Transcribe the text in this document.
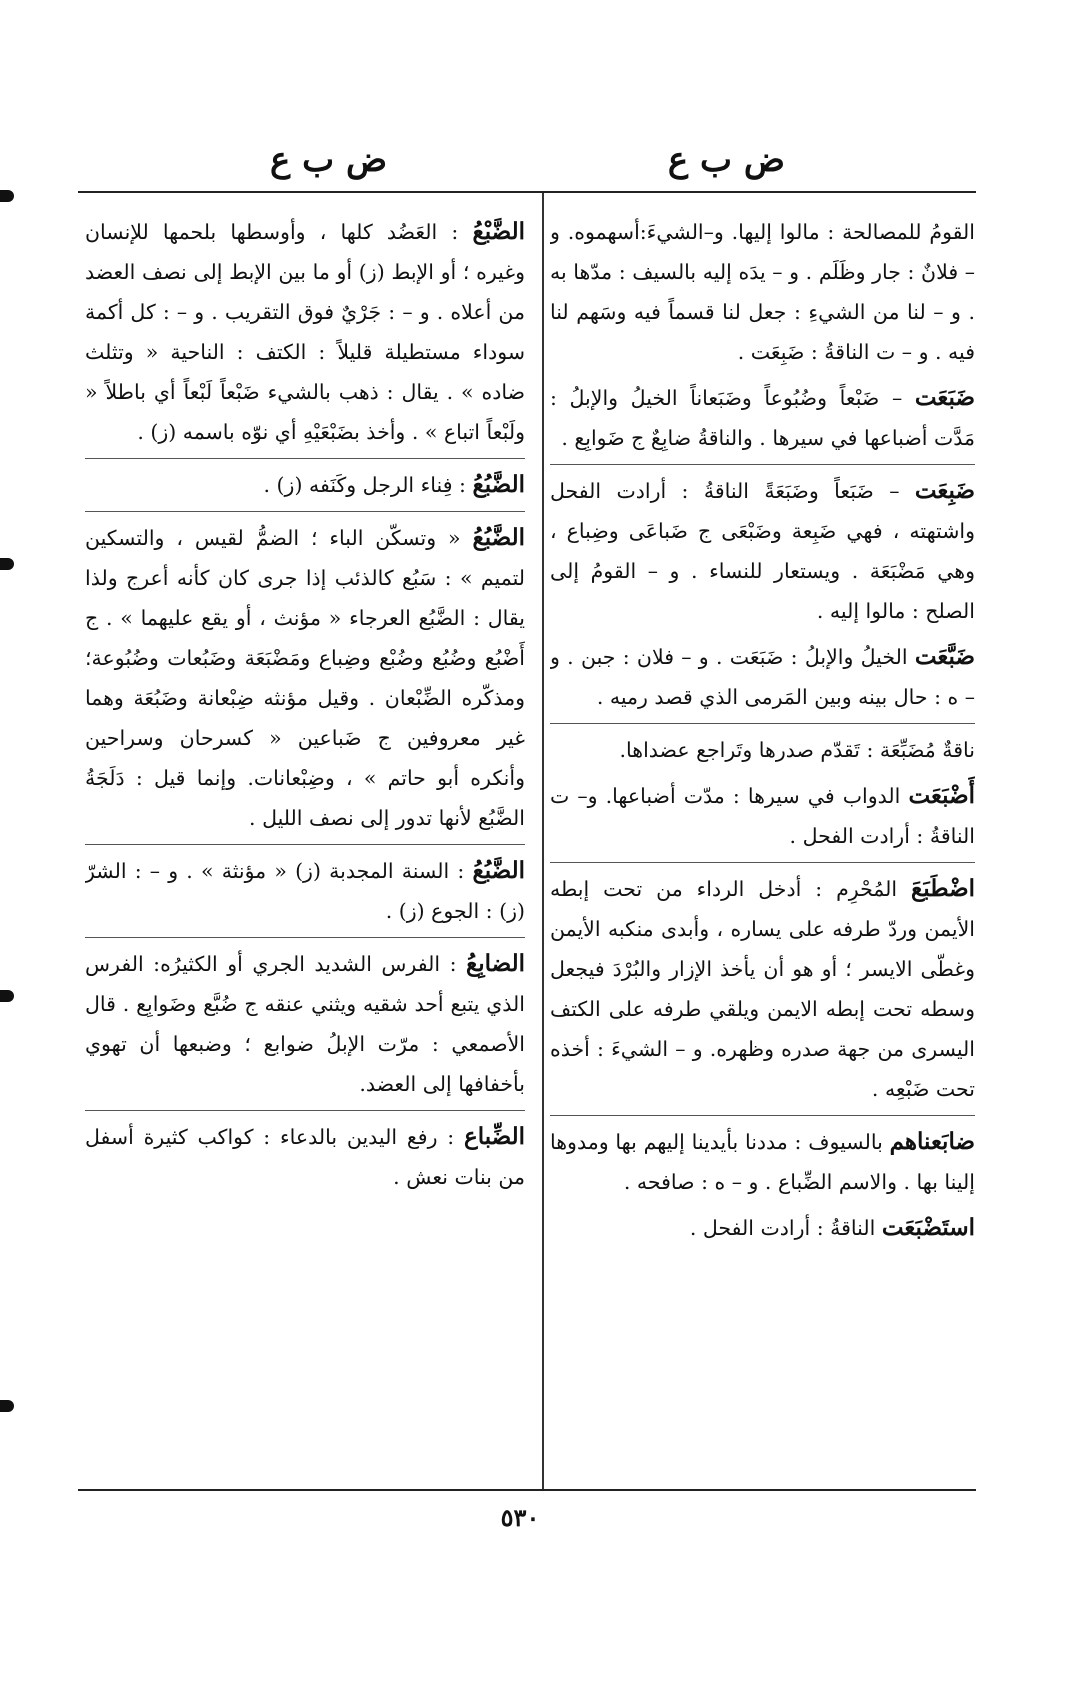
ض ب ع
ض ب ع
القومُ للمصالحة : مالوا إليها. و–الشيءَ:أسهموه. و – فلانٌ : جار وظَلَم . و – يدَه إليه بالسيف : مدّها به . و – لنا من الشيءِ : جعل لنا قسماً فيه وسَهم لنا فيه . و – ت الناقةُ : ضَبِعَت .
ضَبَعَت – ضَبْعاً وضُبُوعاً وضَبَعاناً الخيلُ والإبلُ : مَدَّت أضباعها في سيرها . والناقةُ ضابِعٌ ج ضَوابِع .
ضَبِعَت – ضَبَعاً وضَبَعَةً الناقةُ : أرادت الفحل واشتهته ، فهي ضَبِعة وضَبْعَى ج ضَباعَى وضِباع ، وهي مَضْبَعَة . ويستعار للنساء . و – القومُ إلى الصلح : مالوا إليه .
ضَبَّعَت الخيلُ والإبلُ : ضَبَعَت . و – فلان : جبن . و – ه : حال بينه وبين المَرمى الذي قصد رميه .
ناقةٌ مُضَبِّعَة : تَقدّم صدرها وتَراجع عضداها.
أَضْبَعَت الدواب في سيرها : مدّت أضباعها. و– ت الناقةُ : أرادت الفحل .
اضْطَبَعَ المُحْرِم : أدخل الرداء من تحت إبطه الأيمن وردّ طرفه على يساره ، وأبدى منكبه الأيمن وغطّى الايسر ؛ أو هو أن يأخذ الإزار والبُرْدَ فيجعل وسطه تحت إبطه الايمن ويلقي طرفه على الكتف اليسرى من جهة صدره وظهره. و – الشيءَ : أخذه تحت ضَبْعِه .
ضابَعناهم بالسيوف : مددنا بأيدينا إليهم بها ومدوها إلينا بها . والاسم الضِّباع . و – ه : صافحه .
استَضْبَعَت الناقةُ : أرادت الفحل .
الضَّبْعُ : العَضُد كلها ، وأوسطها بلحمها للإنسان وغيره ؛ أو الإبط (ز) أو ما بين الإبط إلى نصف العضد من أعلاه . و – : جَرْيٌ فوق التقريب . و – : كل أكمة سوداء مستطيلة قليلاً : الكتف : الناحية « وتثلث ضاده » . يقال : ذهب بالشيء ضَبْعاً لَبْعاً أي باطلاً « ولَبْعاً اتباع » . وأخذ بضَبْعَيْهِ أي نوّه باسمه (ز) .
الضَّبُعُ : فِناء الرجل وكَنَفه (ز) .
الضَّبُعُ « وتسكّن الباء ؛ الضمُّ لقيس ، والتسكين لتميم » : سَبُع كالذئب إذا جرى كان كأنه أعرج ولذا يقال : الضَّبُع العرجاء « مؤنث ، أو يقع عليهما » . ج أَضْبُع وضُبُع وضُبْع وضِباع ومَضْبَعَة وضَبُعات وضُبُوعة؛ ومذكّره الضِّبْعان . وقيل مؤنثه ضِبْعانة وضَبُعَة وهما غير معروفين ج ضَباعين « كسرحان وسراحين وأنكره أبو حاتم » ، وضِبْعانات. وإنما قيل : دَلَجَةُ الضَّبُع لأنها تدور إلى نصف الليل .
الضَّبُعُ : السنة المجدبة (ز) « مؤنثة » . و – : الشرّ (ز) : الجوع (ز) .
الضابِعُ : الفرس الشديد الجري أو الكثيرُه: الفرس الذي يتبع أحد شقيه ويثني عنقه ج ضُبَّع وضَوابِع . قال الأصمعي : مرّت الإبلُ ضوابع ؛ وضبعها أن تهوي بأخفافها إلى العضد.
الضِّباع : رفع اليدين بالدعاء : كواكب كثيرة أسفل من بنات نعش .
٥٣٠
